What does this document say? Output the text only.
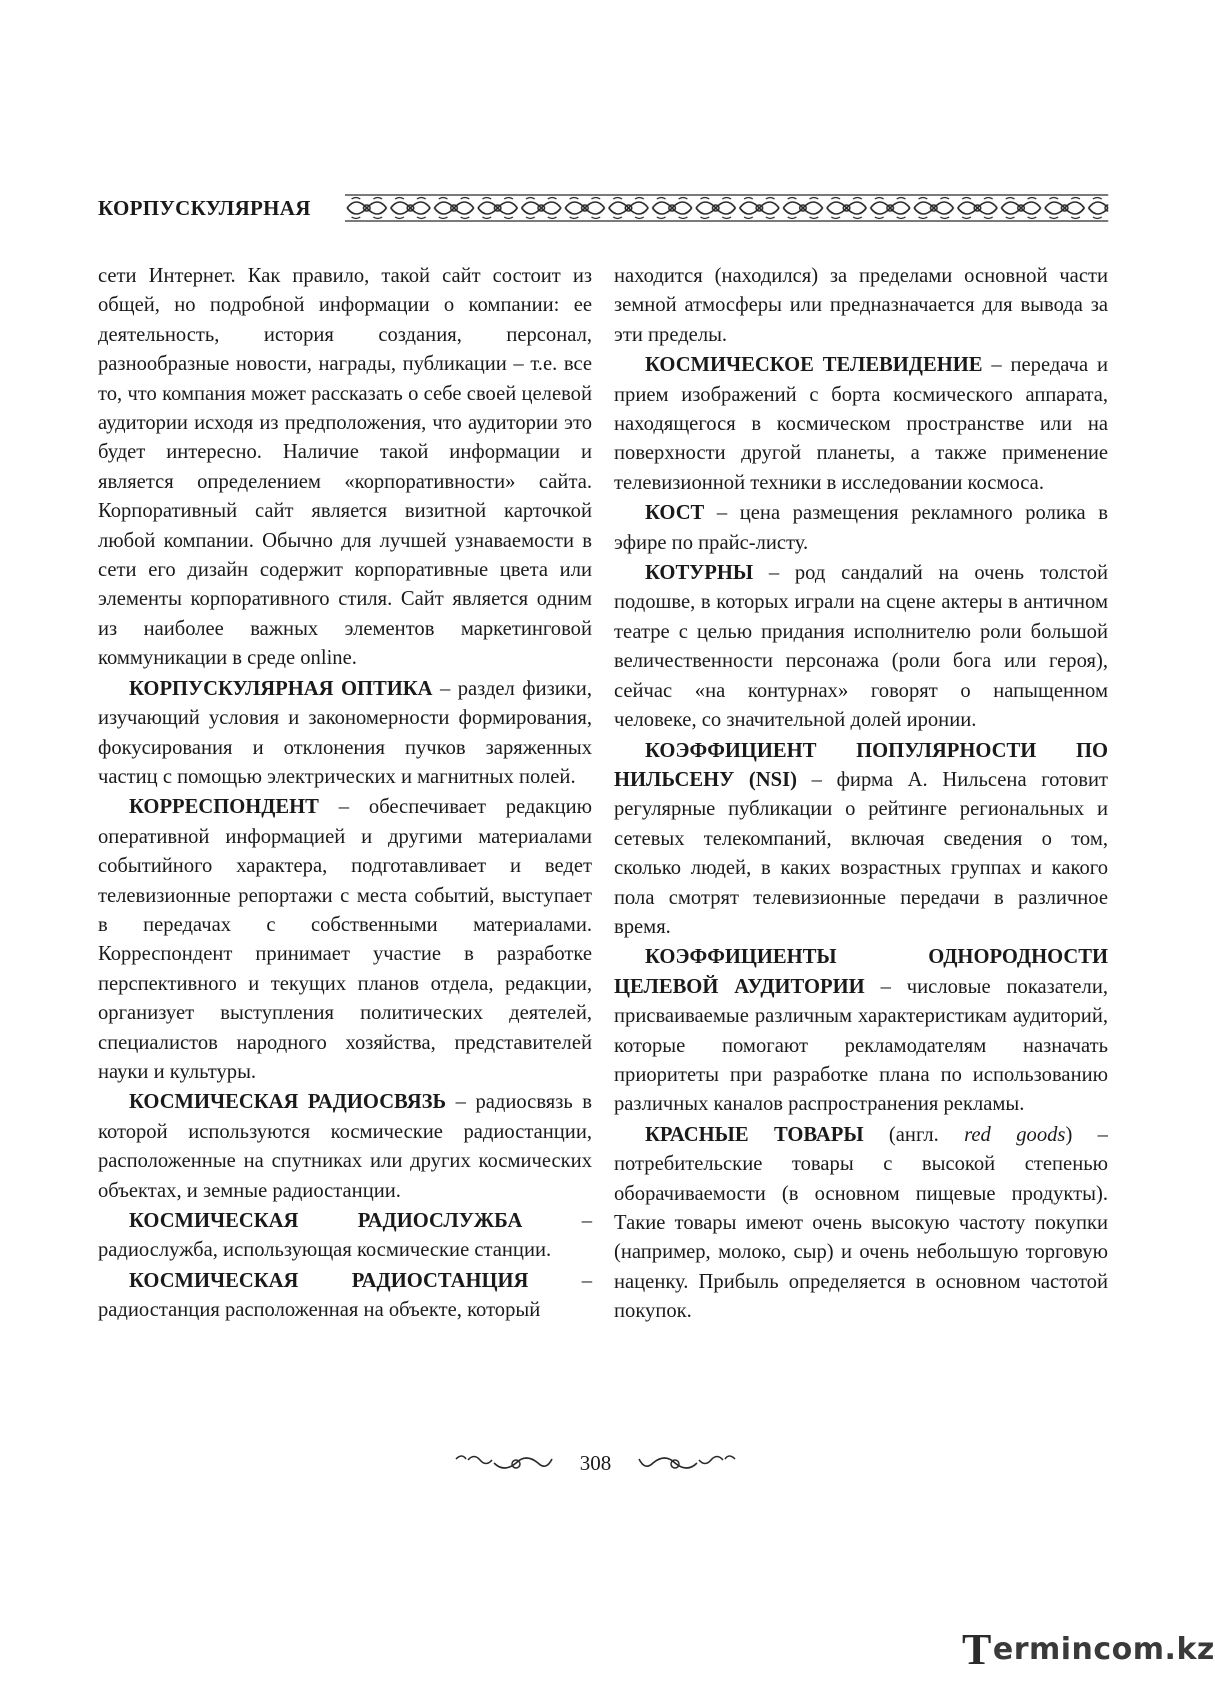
КОРПУСКУЛЯРНАЯ

сети Интернет. Как правило, такой сайт состоит из общей, но подробной информации о компании: ее деятельность, история создания, персонал, разнообразные новости, награды, публикации – т.е. все то, что компания может рассказать о себе своей целевой аудитории исходя из предположения, что аудитории это будет интересно. Наличие такой информации и является определением «корпоративности» сайта. Корпоративный сайт является визитной карточкой любой компании. Обычно для лучшей узнаваемости в сети его дизайн содержит корпоративные цвета или элементы корпоративного стиля. Сайт является одним из наиболее важных элементов маркетинговой коммуникации в среде online.

КОРПУСКУЛЯРНАЯ ОПТИКА – раздел физики, изучающий условия и закономерности формирования, фокусирования и отклонения пучков заряженных частиц с помощью электрических и магнитных полей.

КОРРЕСПОНДЕНТ – обеспечивает редакцию оперативной информацией и другими материалами событийного характера, подготавливает и ведет телевизионные репортажи с места событий, выступает в передачах с собственными материалами. Корреспондент принимает участие в разработке перспективного и текущих планов отдела, редакции, организует выступления политических деятелей, специалистов народного хозяйства, представителей науки и культуры.

КОСМИЧЕСКАЯ РАДИОСВЯЗЬ – радиосвязь в которой используются космические радиостанции, расположенные на спутниках или других космических объектах, и земные радиостанции.

КОСМИЧЕСКАЯ РАДИОСЛУЖБА – радиослужба, использующая космические станции.

КОСМИЧЕСКАЯ РАДИОСТАНЦИЯ – радиостанция расположенная на объекте, который

находится (находился) за пределами основной части земной атмосферы или предназначается для вывода за эти пределы.

КОСМИЧЕСКОЕ ТЕЛЕВИДЕНИЕ – передача и прием изображений с борта космического аппарата, находящегося в космическом пространстве или на поверхности другой планеты, а также применение телевизионной техники в исследовании космоса.

КОСТ – цена размещения рекламного ролика в эфире по прайс-листу.

КОТУРНЫ – род сандалий на очень толстой подошве, в которых играли на сцене актеры в античном театре с целью придания исполнителю роли большой величественности персонажа (роли бога или героя), сейчас «на контурнах» говорят о напыщенном человеке, со значительной долей иронии.

КОЭФФИЦИЕНТ ПОПУЛЯРНОСТИ ПО НИЛЬСЕНУ (NSI) – фирма А. Нильсена готовит регулярные публикации о рейтинге региональных и сетевых телекомпаний, включая сведения о том, сколько людей, в каких возрастных группах и какого пола смотрят телевизионные передачи в различное время.

КОЭФФИЦИЕНТЫ ОДНОРОДНОСТИ ЦЕЛЕВОЙ АУДИТОРИИ – числовые показатели, присваиваемые различным характеристикам аудиторий, которые помогают рекламодателям назначать приоритеты при разработке плана по использованию различных каналов распространения рекламы.

КРАСНЫЕ ТОВАРЫ (англ. red goods) – потребительские товары с высокой степенью оборачиваемости (в основном пищевые продукты). Такие товары имеют очень высокую частоту покупки (например, молоко, сыр) и очень небольшую торговую наценку. Прибыль определяется в основном частотой покупок.

308
T ermincom.kz
